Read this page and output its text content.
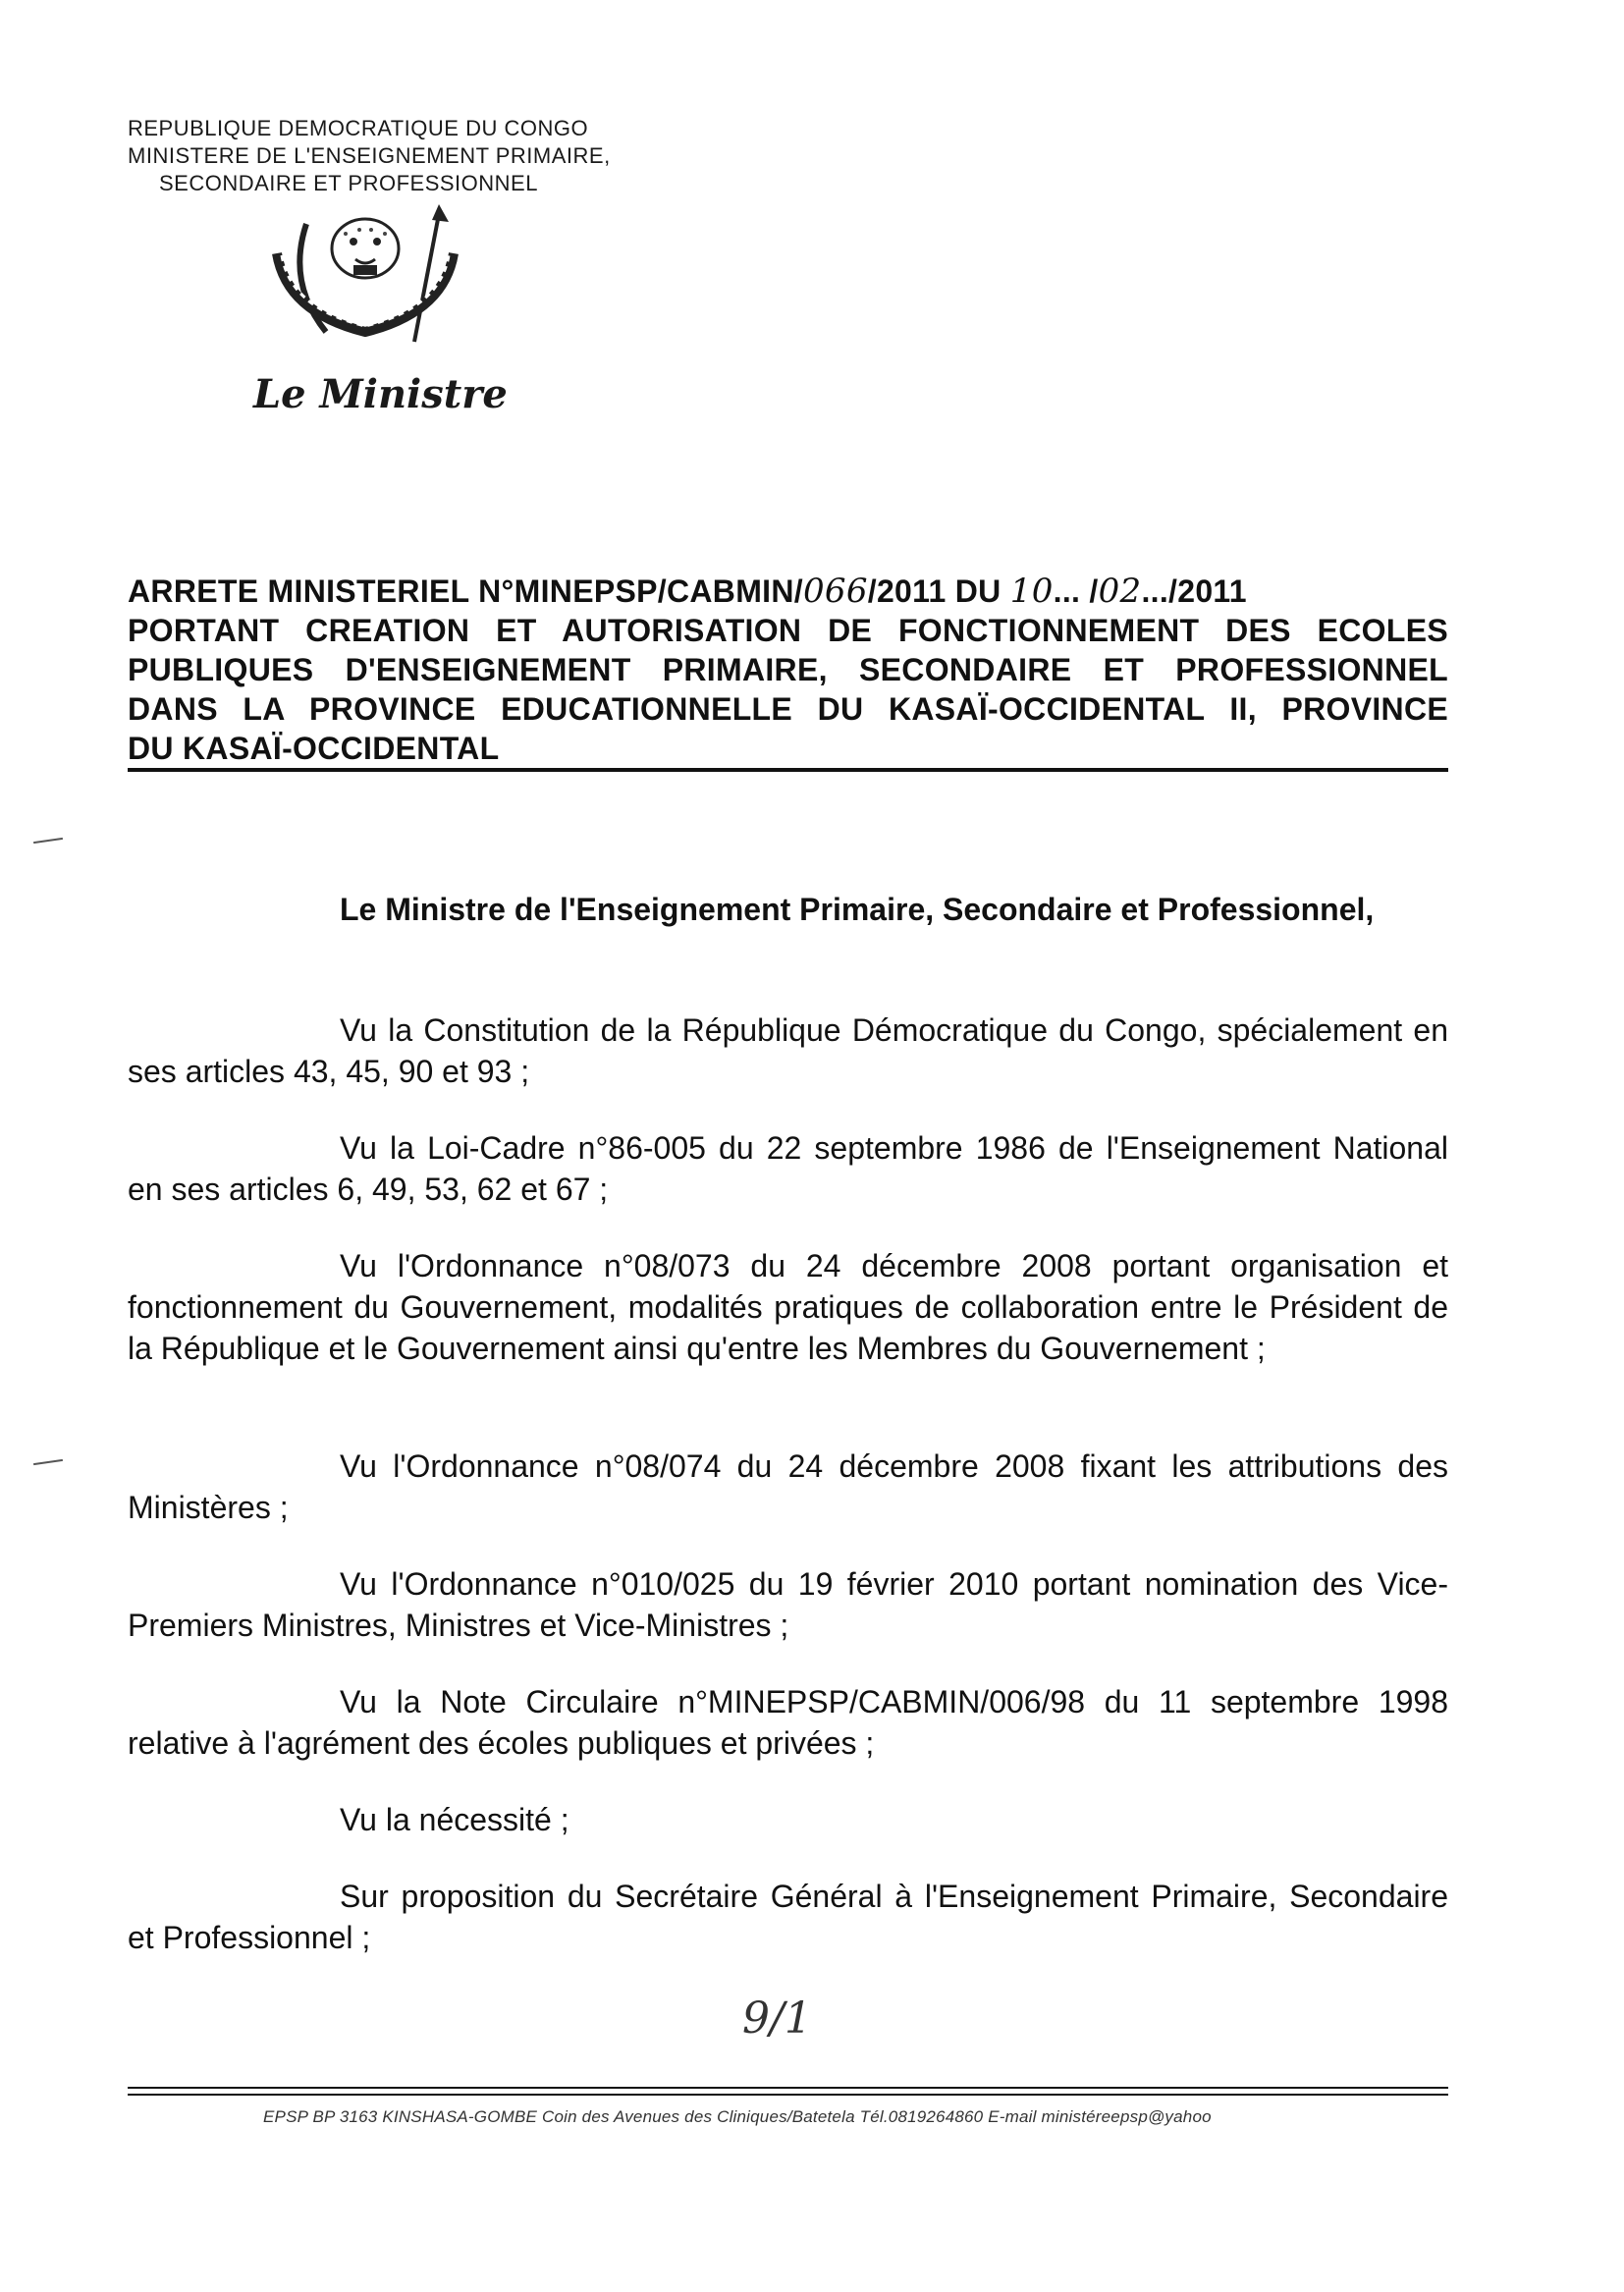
REPUBLIQUE DEMOCRATIQUE DU CONGO
MINISTERE DE L'ENSEIGNEMENT PRIMAIRE,
SECONDAIRE ET PROFESSIONNEL
Le Ministre
ARRETE MINISTERIEL N°MINEPSP/CABMIN/066/2011 DU 10... /02.../2011
PORTANT CREATION ET AUTORISATION DE FONCTIONNEMENT DES ECOLES
PUBLIQUES D'ENSEIGNEMENT PRIMAIRE, SECONDAIRE ET PROFESSIONNEL
DANS LA PROVINCE EDUCATIONNELLE DU KASAÏ-OCCIDENTAL II, PROVINCE
DU KASAÏ-OCCIDENTAL
Le Ministre de l'Enseignement Primaire, Secondaire et Professionnel,
Vu la Constitution de la République Démocratique du Congo, spécialement en ses articles 43, 45, 90 et 93 ;
Vu la Loi-Cadre n°86-005 du 22 septembre 1986 de l'Enseignement National en ses articles 6, 49, 53, 62 et 67 ;
Vu l'Ordonnance n°08/073 du 24 décembre 2008 portant organisation et fonctionnement du Gouvernement, modalités pratiques de collaboration entre le Président de la République et le Gouvernement ainsi qu'entre les Membres du Gouvernement ;
Vu l'Ordonnance n°08/074 du 24 décembre 2008 fixant les attributions des Ministères ;
Vu l'Ordonnance n°010/025 du 19 février 2010 portant nomination des Vice-Premiers Ministres, Ministres et Vice-Ministres ;
Vu la Note Circulaire n°MINEPSP/CABMIN/006/98 du 11 septembre 1998 relative à l'agrément des écoles publiques et privées ;
Vu la nécessité ;
Sur proposition du Secrétaire Général à l'Enseignement Primaire, Secondaire et Professionnel ;
9/1
EPSP BP 3163 KINSHASA-GOMBE Coin des Avenues des Cliniques/Batetela Tél.0819264860 E-mail ministéreepsp@yahoo
